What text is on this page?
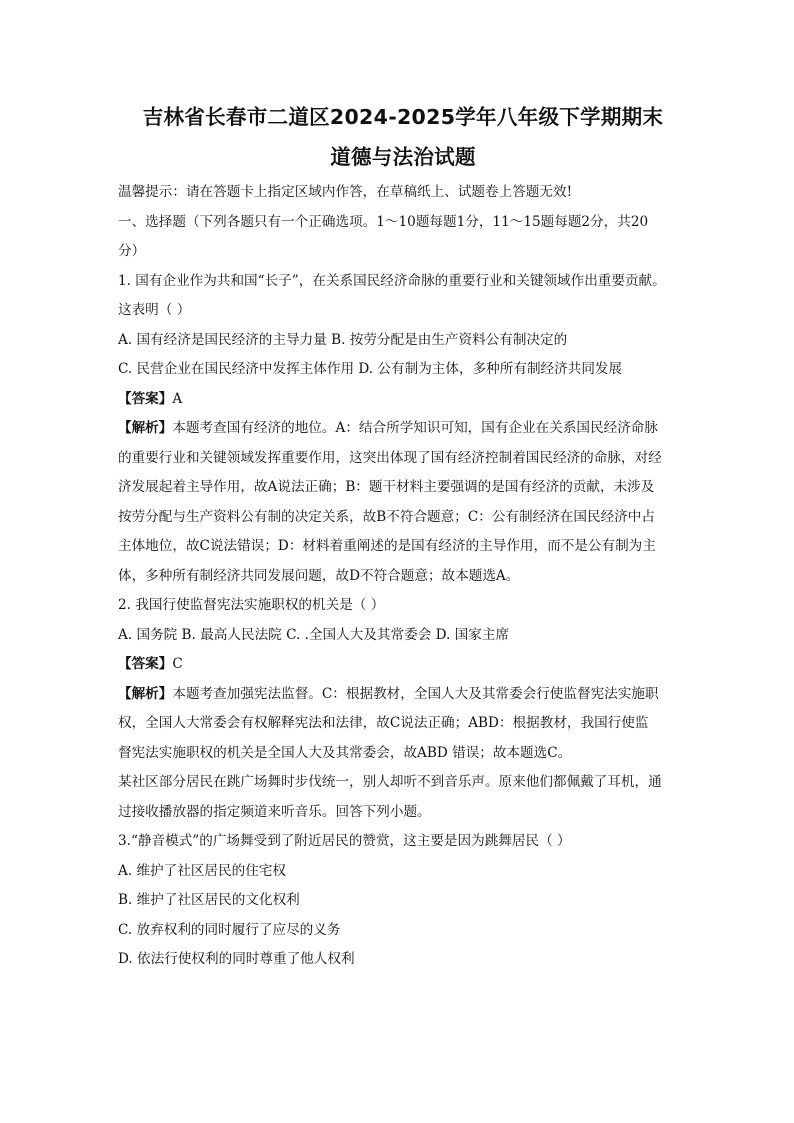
吉林省长春市二道区2024-2025学年八年级下学期期末
道德与法治试题

温馨提示：请在答题卡上指定区域内作答，在草稿纸上、试题卷上答题无效!

一、选择题（下列各题只有一个正确选项。1～10题每题1分，11～15题每题2分，共20

分）

1. 国有企业作为共和国“长子”，在关系国民经济命脉的重要行业和关键领域作出重要贡献。

这表明（ ）

A. 国有经济是国民经济的主导力量 B. 按劳分配是由生产资料公有制决定的

C. 民营企业在国民经济中发挥主体作用 D. 公有制为主体，多种所有制经济共同发展

【答案】A

【解析】本题考查国有经济的地位。A：结合所学知识可知，国有企业在关系国民经济命脉

的重要行业和关键领域发挥重要作用，这突出体现了国有经济控制着国民经济的命脉，对经

济发展起着主导作用，故A说法正确；B：题干材料主要强调的是国有经济的贡献，未涉及

按劳分配与生产资料公有制的决定关系，故B不符合题意；C：公有制经济在国民经济中占

主体地位，故C说法错误；D：材料着重阐述的是国有经济的主导作用，而不是公有制为主

体，多种所有制经济共同发展问题，故D不符合题意；故本题选A。

2. 我国行使监督宪法实施职权的机关是（ ）

A. 国务院 B. 最高人民法院 C. .全国人大及其常委会 D. 国家主席

【答案】C

【解析】本题考查加强宪法监督。C：根据教材，全国人大及其常委会行使监督宪法实施职

权，全国人大常委会有权解释宪法和法律，故C说法正确；ABD：根据教材，我国行使监

督宪法实施职权的机关是全国人大及其常委会，故ABD 错误；故本题选C。

某社区部分居民在跳广场舞时步伐统一，别人却听不到音乐声。原来他们都佩戴了耳机，通

过接收播放器的指定频道来听音乐。回答下列小题。

3.“静音模式”的广场舞受到了附近居民的赞赏，这主要是因为跳舞居民（ ）

A. 维护了社区居民的住宅权

B. 维护了社区居民的文化权利

C. 放弃权利的同时履行了应尽的义务

D. 依法行使权利的同时尊重了他人权利
